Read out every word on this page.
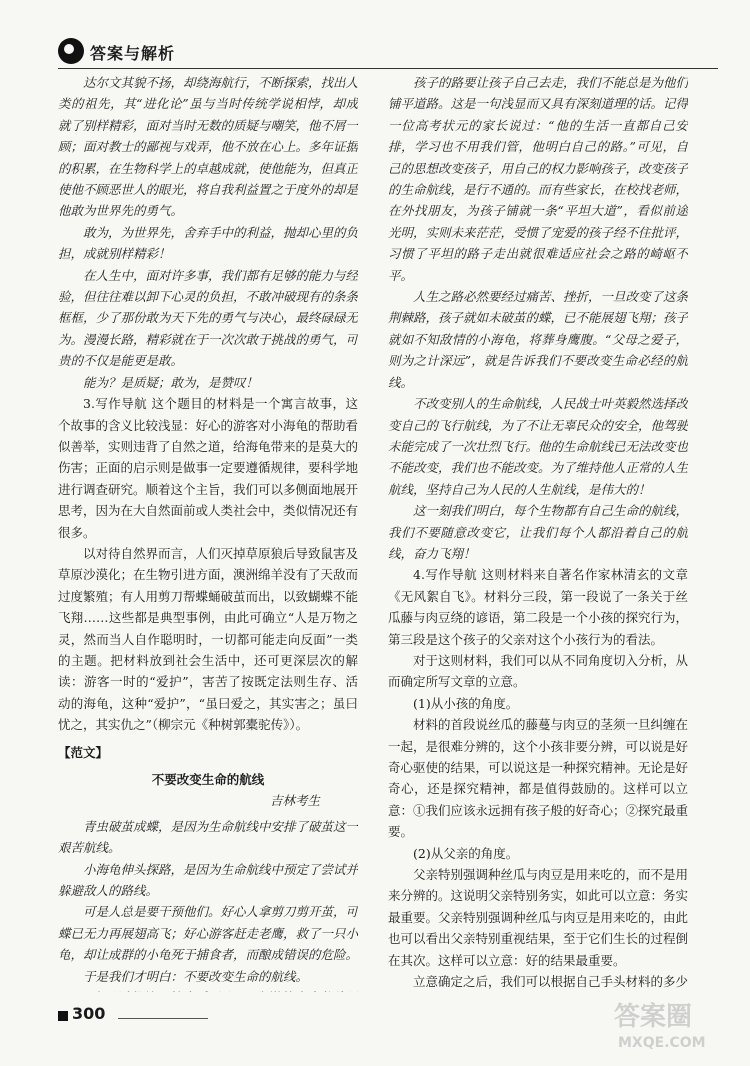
答案与解析

达尔文其貌不扬，却绕海航行，不断探索，找出人类的祖先，其“进化论”虽与当时传统学说相悖，却成就了别样精彩，面对当时无数的质疑与嘲笑，他不屑一顾；面对教士的鄙视与戏弄，他不放在心上。多年证据的积累，在生物科学上的卓越成就，使他能为，但真正使他不顾恶世人的眼光，将自我利益置之于度外的却是他敢为世界先的勇气。

敢为，为世界先，舍弃手中的利益，抛却心里的负担，成就别样精彩！

在人生中，面对许多事，我们都有足够的能力与经验，但往往难以卸下心灵的负担，不敢冲破现有的条条框框，少了那份敢为天下先的勇气与决心，最终碌碌无为。漫漫长路，精彩就在于一次次敢于挑战的勇气，可贵的不仅是能更是敢。

能为？是质疑；敢为，是赞叹！

3.写作导航 这个题目的材料是一个寓言故事，这个故事的含义比较浅显：好心的游客对小海龟的帮助看似善举，实则违背了自然之道，给海龟带来的是莫大的伤害；正面的启示则是做事一定要遵循规律，要科学地进行调查研究。顺着这个主旨，我们可以多侧面地展开思考，因为在大自然面前或人类社会中，类似情况还有很多。

以对待自然界而言，人们灭掉草原狼后导致鼠害及草原沙漠化；在生物引进方面，澳洲绵羊没有了天敌而过度繁殖；有人用剪刀帮蝶蛹破茧而出，以致蝴蝶不能飞翔……这些都是典型事例，由此可确立“人是万物之灵，然而当人自作聪明时，一切都可能走向反面”一类的主题。把材料放到社会生活中，还可更深层次的解读：游客一时的“爱护”，害苦了按既定法则生存、活动的海龟，这种“爱护”，“虽曰爱之，其实害之；虽曰忧之，其实仇之”（柳宗元《种树郭橐驼传》）。

【范文】
不要改变生命的航线
吉林考生

青虫破茧成蝶，是因为生命航线中安排了破茧这一艰苦航线。

小海龟伸头探路，是因为生命航线中预定了尝试并躲避敌人的路线。

可是人总是要干预他们。好心人拿剪刀剪开茧，可蝶已无力再展翅高飞；好心游客赶走老鹰，救了一只小龟，却让成群的小龟死于捕食者，而酿成错误的危险。

于是我们才明白：不要改变生命的航线。

孩子的路要让孩子自己去走，我们不能总是为他们铺平道路。这是一句浅显而又具有深刻道理的话。记得一位高考状元的家长说过：“他的生活一直都自己安排，学习也不用我们管，他明白自己的路。”可见，自己的思想改变孩子，用自己的权力影响孩子，改变孩子的生命航线，是行不通的。而有些家长，在校找老师，在外找朋友，为孩子铺就一条“平坦大道”，看似前途光明，实则未来茫茫，受惯了宠爱的孩子经不住批评，习惯了平坦的路子走出就很难适应社会之路的崎岖不平。

人生之路必然要经过痛苦、挫折，一旦改变了这条荆棘路，孩子就如未破茧的蝶，已不能展翅飞翔；孩子就如不知敌情的小海龟，将葬身鹰腹。“父母之爱子，则为之计深远”，就是告诉我们不要改变生命必经的航线。

不改变别人的生命航线，人民战士叶英毅然选择改变自己的飞行航线，为了不让无辜民众的安全，他驾驶未能完成了一次壮烈飞行。他的生命航线已无法改变也不能改变，我们也不能改变。为了维持他人正常的人生航线，坚持自己为人民的人生航线，是伟大的！

这一刻我们明白，每个生物都有自己生命的航线，我们不要随意改变它，让我们每个人都沿着自己的航线，奋力飞翔！

4.写作导航 这则材料来自著名作家林清玄的文章《无风絮自飞》。材料分三段，第一段说了一条关于丝瓜藤与肉豆绕的谚语，第二段是一个小孩的探究行为，第三段是这个孩子的父亲对这个小孩行为的看法。

对于这则材料，我们可以从不同角度切入分析，从而确定所写文章的立意。

(1)从小孩的角度。

材料的首段说丝瓜的藤蔓与肉豆的茎须一旦纠缠在一起，是很难分辨的，这个小孩非要分辨，可以说是好奇心驱使的结果，可以说这是一种探究精神。无论是好奇心，还是探究精神，都是值得鼓励的。这样可以立意：①我们应该永远拥有孩子般的好奇心；②探究最重要。

(2)从父亲的角度。

父亲特别强调种丝瓜与肉豆是用来吃的，而不是用来分辨的。这说明父亲特别务实，如此可以立意：务实最重要。父亲特别强调种丝瓜与肉豆是用来吃的，由此也可以看出父亲特别重视结果，至于它们生长的过程倒在其次。这样可以立意：好的结果最重要。

立意确定之后，我们可以根据自己手头材料的多少

300	答案圈
MXQE.COM
